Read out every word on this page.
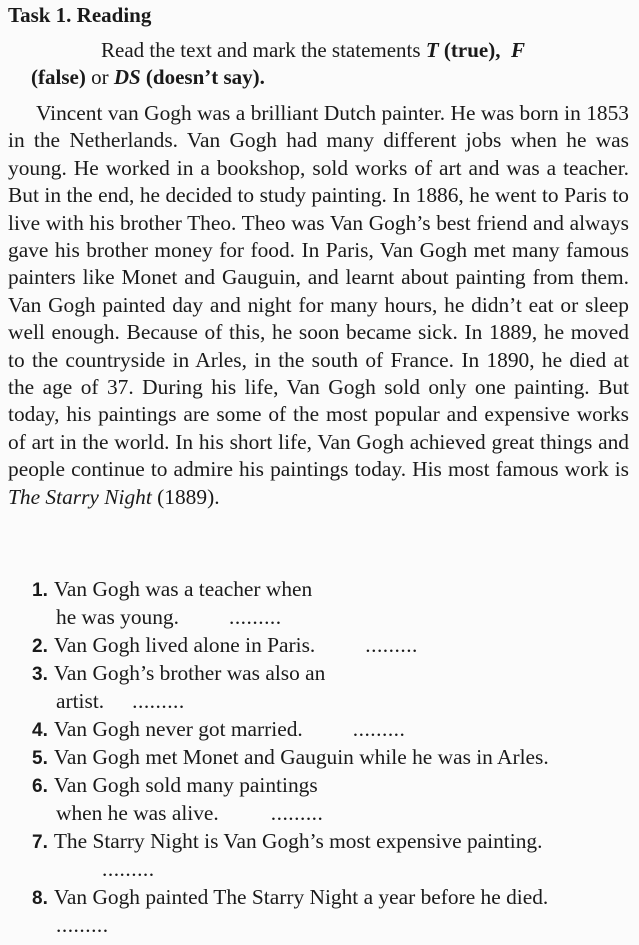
Task 1. Reading
Read the text and mark the statements T (true), F
(false) or DS (doesn’t say).

Vincent van Gogh was a brilliant Dutch painter. He was born in 1853 in the Netherlands. Van Gogh had many different jobs when he was young. He worked in a bookshop, sold works of art and was a teacher. But in the end, he decided to study painting. In 1886, he went to Paris to live with his brother Theo. Theo was Van Gogh’s best friend and always gave his brother money for food. In Paris, Van Gogh met many famous painters like Monet and Gauguin, and learnt about painting from them. Van Gogh painted day and night for many hours, he didn’t eat or sleep well enough. Because of this, he soon became sick. In 1889, he moved to the countryside in Arles, in the south of France. In 1890, he died at the age of 37. During his life, Van Gogh sold only one painting. But today, his paintings are some of the most popular and expensive works of art in the world. In his short life, Van Gogh achieved great things and people continue to admire his paintings today. His most famous work is The Starry Night (1889).

1. Van Gogh was a teacher when
he was young. .........
2. Van Gogh lived alone in Paris. .........
3. Van Gogh’s brother was also an
artist. .........
4. Van Gogh never got married. .........
5. Van Gogh met Monet and Gauguin while he was in Arles.
6. Van Gogh sold many paintings
when he was alive. .........
7. The Starry Night is Van Gogh’s most expensive painting.
.........
8. Van Gogh painted The Starry Night a year before he died.
.........
